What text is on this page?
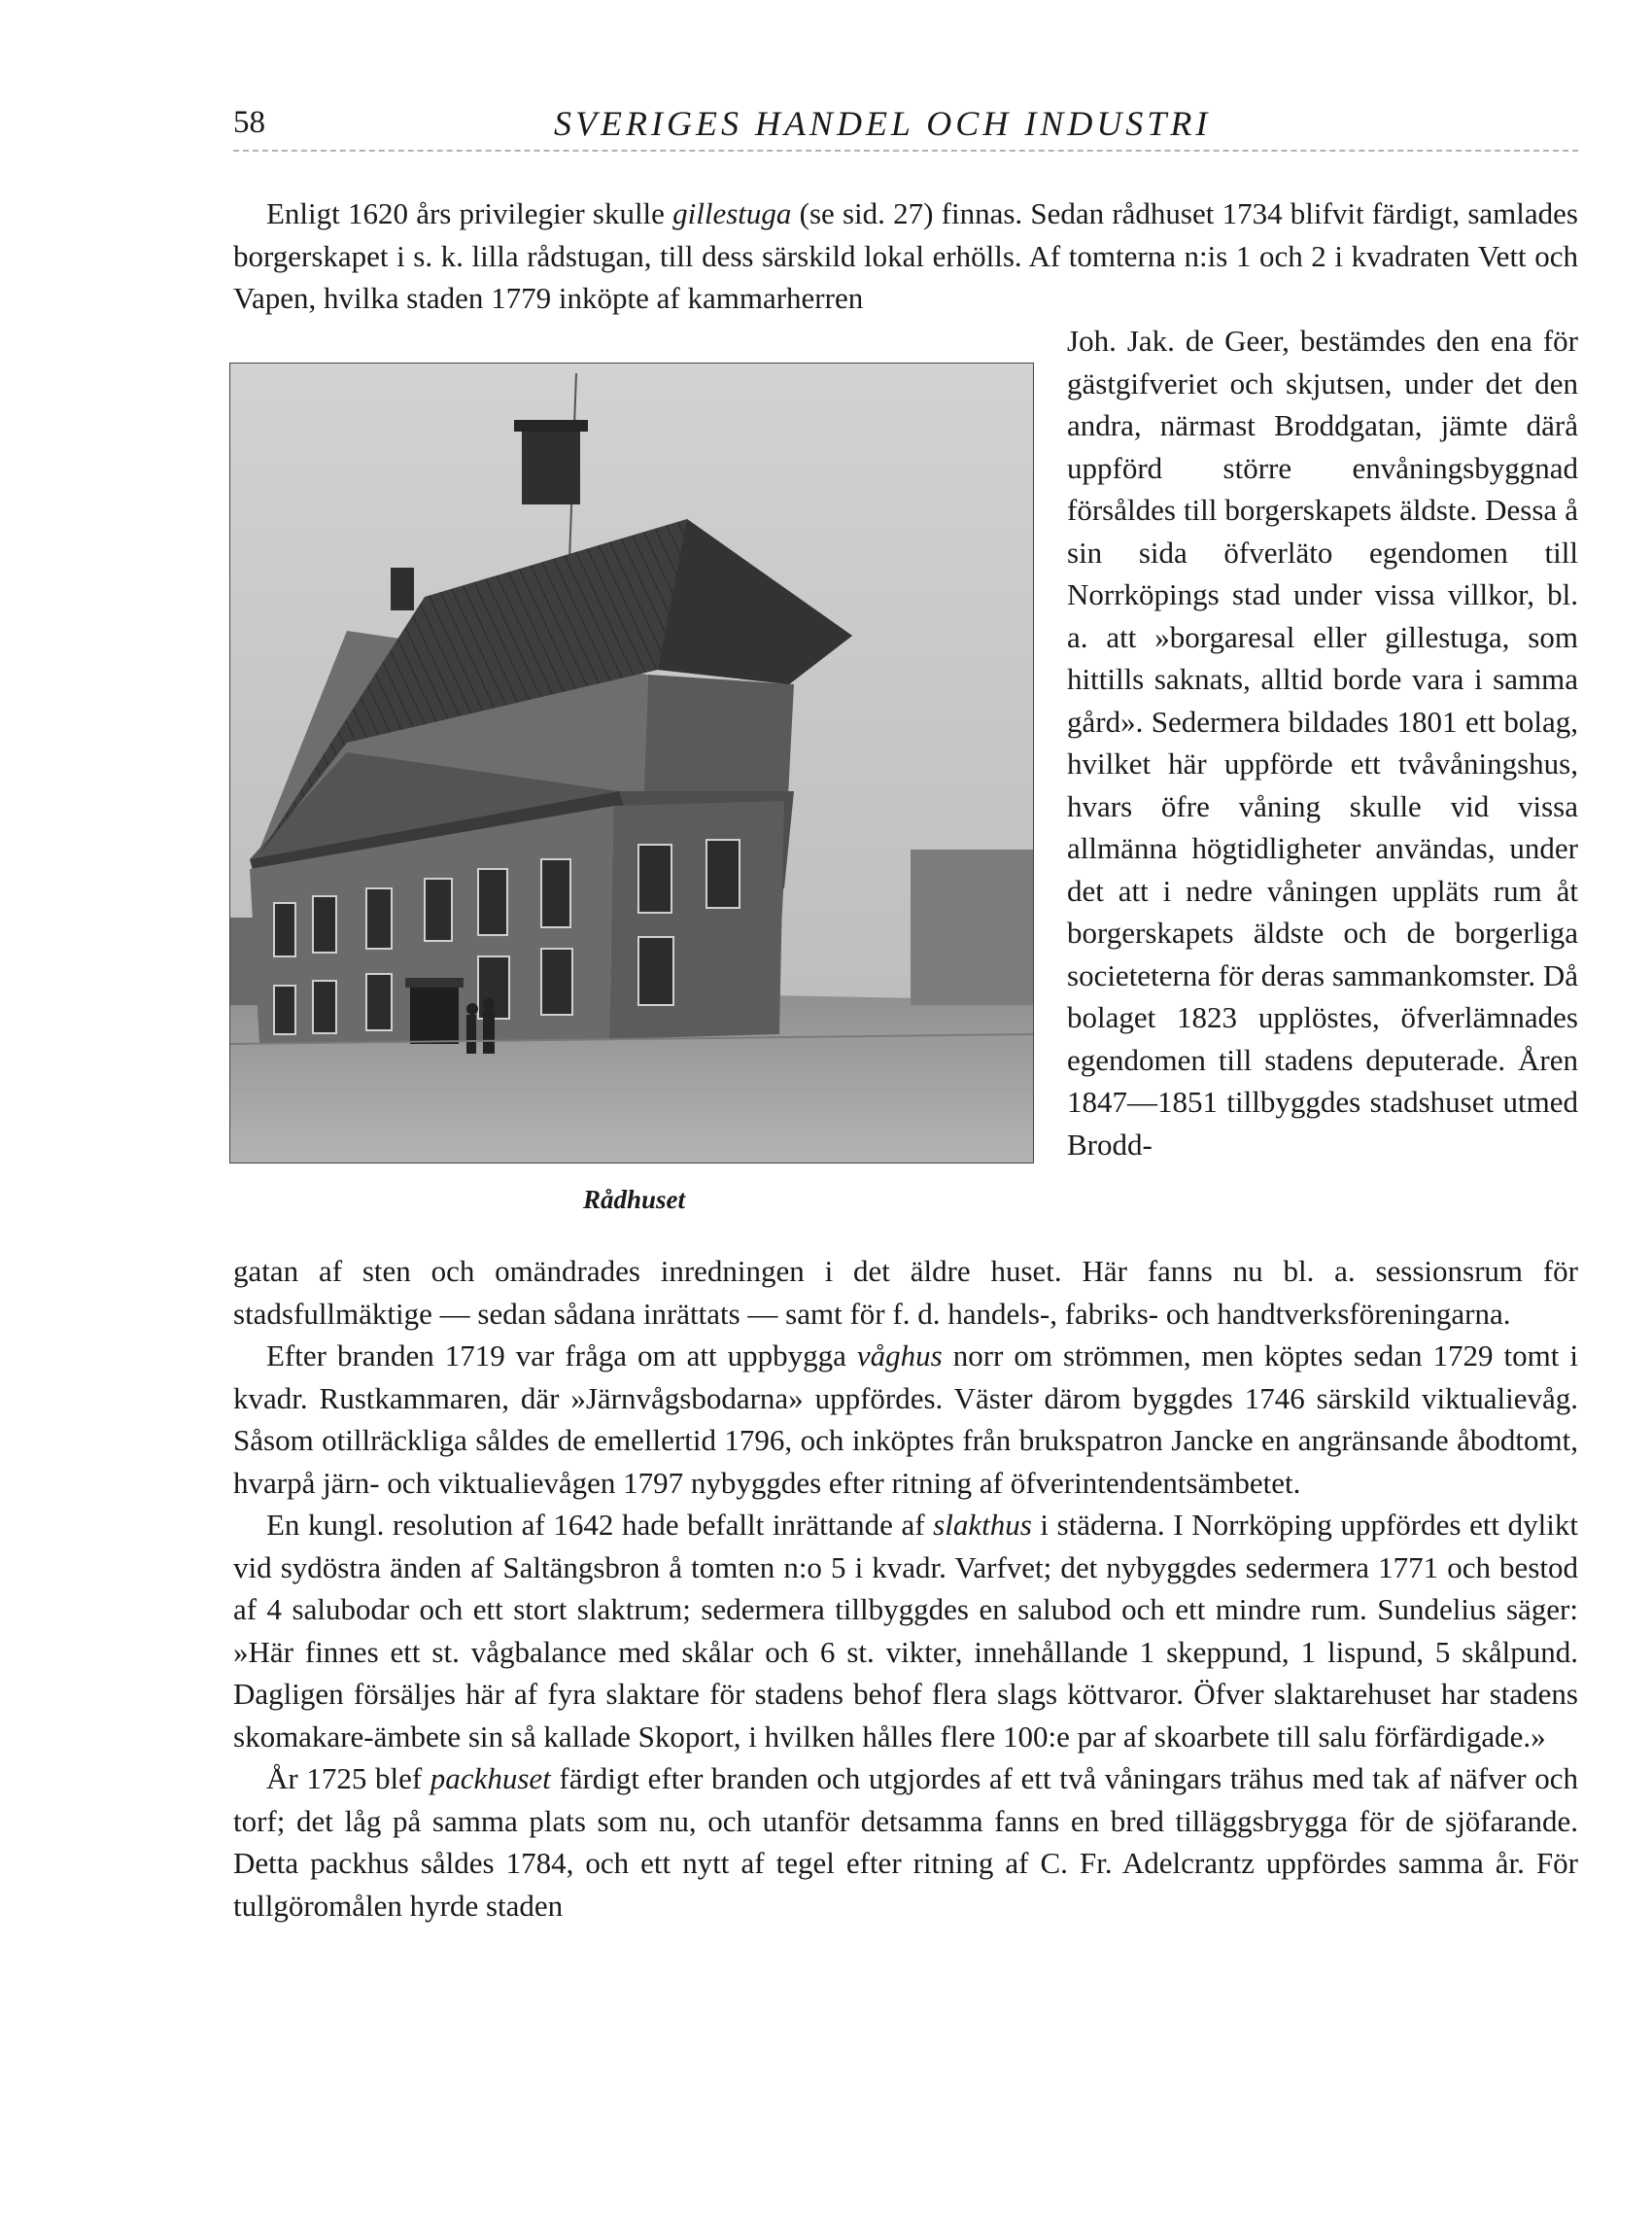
58	SVERIGES HANDEL OCH INDUSTRI

Enligt 1620 års privilegier skulle gillestuga (se sid. 27) finnas. Sedan rådhuset 1734 blifvit färdigt, samlades borgerskapet i s. k. lilla rådstugan, till dess särskild lokal erhölls. Af tomterna n:is 1 och 2 i kvadraten Vett och Vapen, hvilka staden 1779 inköpte af kammarherren

Rådhuset

Joh. Jak. de Geer, bestämdes den ena för gästgifveriet och skjutsen, under det den andra, närmast Broddgatan, jämte därå uppförd större envåningsbyggnad försåldes till borgerskapets äldste. Dessa å sin sida öfverläto egendomen till Norrköpings stad under vissa villkor, bl. a. att »borgaresal eller gillestuga, som hittills saknats, alltid borde vara i samma gård». Sedermera bildades 1801 ett bolag, hvilket här uppförde ett tvåvåningshus, hvars öfre våning skulle vid vissa allmänna högtidligheter användas, under det att i nedre våningen uppläts rum åt borgerskapets äldste och de borgerliga societeterna för deras sammankomster. Då bolaget 1823 upplöstes, öfverlämnades egendomen till stadens deputerade. Åren 1847—1851 tillbyggdes stadshuset utmed Brodd-

gatan af sten och omändrades inredningen i det äldre huset. Här fanns nu bl. a. sessionsrum för stadsfullmäktige — sedan sådana inrättats — samt för f. d. handels-, fabriks- och handtverksföreningarna.

Efter branden 1719 var fråga om att uppbygga våghus norr om strömmen, men köptes sedan 1729 tomt i kvadr. Rustkammaren, där »Järnvågsbodarna» uppfördes. Väster därom byggdes 1746 särskild viktualievåg. Såsom otillräckliga såldes de emellertid 1796, och inköptes från brukspatron Jancke en angränsande åbodtomt, hvarpå järn- och viktualievågen 1797 nybyggdes efter ritning af öfverintendentsämbetet.

En kungl. resolution af 1642 hade befallt inrättande af slakthus i städerna. I Norrköping uppfördes ett dylikt vid sydöstra änden af Saltängsbron å tomten n:o 5 i kvadr. Varfvet; det nybyggdes sedermera 1771 och bestod af 4 salubodar och ett stort slaktrum; sedermera tillbyggdes en salubod och ett mindre rum. Sundelius säger: »Här finnes ett st. vågbalance med skålar och 6 st. vikter, innehållande 1 skeppund, 1 lispund, 5 skålpund. Dagligen försäljes här af fyra slaktare för stadens behof flera slags köttvaror. Öfver slaktarehuset har stadens skomakare-ämbete sin så kallade Skoport, i hvilken hålles flere 100:e par af skoarbete till salu förfärdigade.»

År 1725 blef packhuset färdigt efter branden och utgjordes af ett två våningars trähus med tak af näfver och torf; det låg på samma plats som nu, och utanför detsamma fanns en bred tilläggsbrygga för de sjöfarande. Detta packhus såldes 1784, och ett nytt af tegel efter ritning af C. Fr. Adelcrantz uppfördes samma år. För tullgöromålen hyrde staden
